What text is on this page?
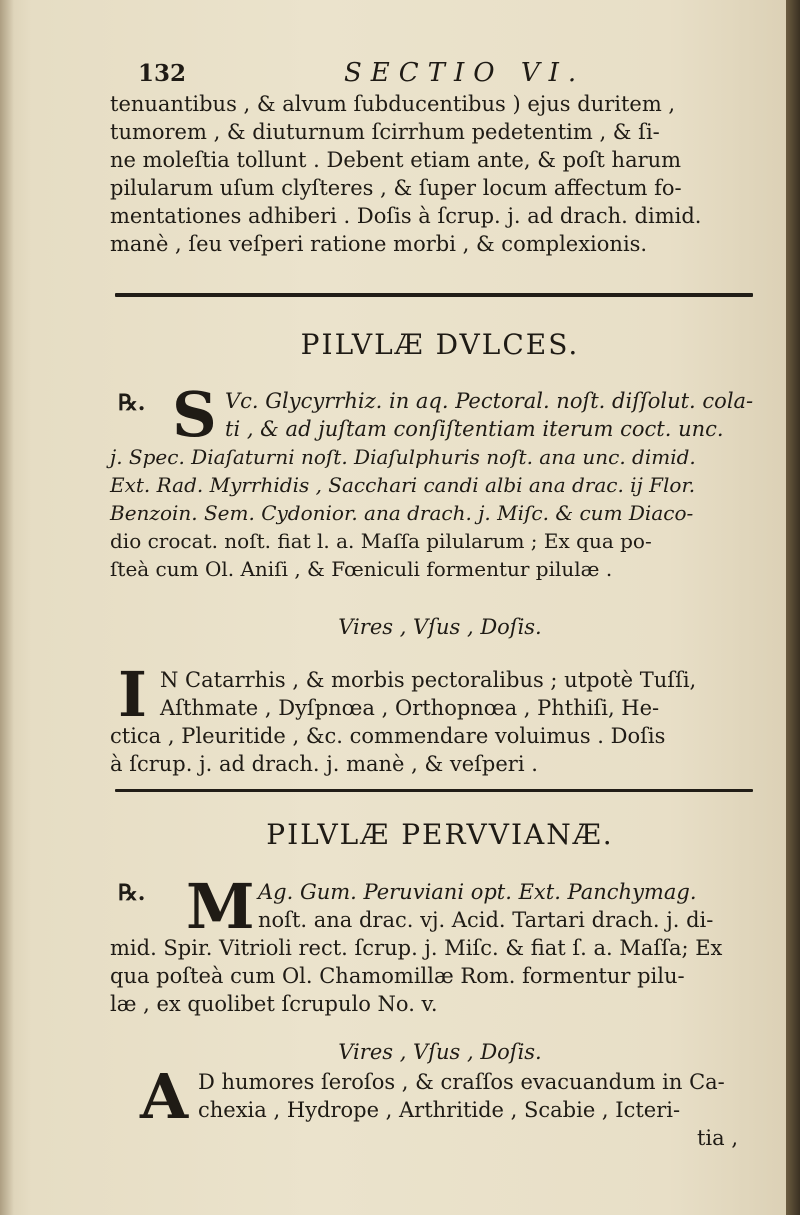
132	SECTIO VI.
tenuantibus , & alvum ſubducentibus ) ejus duritem ,
tumorem , & diuturnum ſcirrhum pedetentim , & ſi-
ne moleſtia tollunt . Debent etiam ante, & poſt harum
pilularum uſum clyſteres , & ſuper locum affectum fo-
mentationes adhiberi . Doſis à ſcrup. j. ad drach. dimid.
manè , ſeu veſperi ratione morbi , & complexionis.
PILVLÆ DVLCES.
℞. S Vc. Glycyrrhiz. in aq. Pectoral. noſt. diſſolut. cola-
ti , & ad juſtam conſiſtentiam iterum coct. unc.
j. Spec. Diaſaturni noſt. Diaſulphuris noſt. ana unc. dimid.
Ext. Rad. Myrrhidis , Sacchari candi albi ana drac. ij Flor.
Benzoin. Sem. Cydonior. ana drach. j. Miſc. & cum Diaco-
dio crocat. noſt. fiat l. a. Maſſa pilularum ; Ex qua po-
ſteà cum Ol. Aniſi , & Fœniculi formentur pilulæ .

Vires , Vſus , Doſis.

I N Catarrhis , & morbis pectoralibus ; utpotè Tuſſi,
Aſthmate , Dyſpnœa , Orthopnœa , Phthiſi, He-
ctica , Pleuritide , &c. commendare voluimus . Doſis
à ſcrup. j. ad drach. j. manè , & veſperi .
PILVLÆ PERVVIANÆ.
℞. M Ag. Gum. Peruviani opt. Ext. Panchymag.
noſt. ana drac. vj. Acid. Tartari drach. j. di-
mid. Spir. Vitrioli rect. ſcrup. j. Miſc. & fiat ſ. a. Maſſa; Ex
qua poſteà cum Ol. Chamomillæ Rom. formentur pilu-
læ , ex quolibet ſcrupulo No. v.

Vires , Vſus , Doſis.

A D humores ſeroſos , & craſſos evacuandum in Ca-
chexia , Hydrope , Arthritide , Scabie , Icteri-
tia ,
